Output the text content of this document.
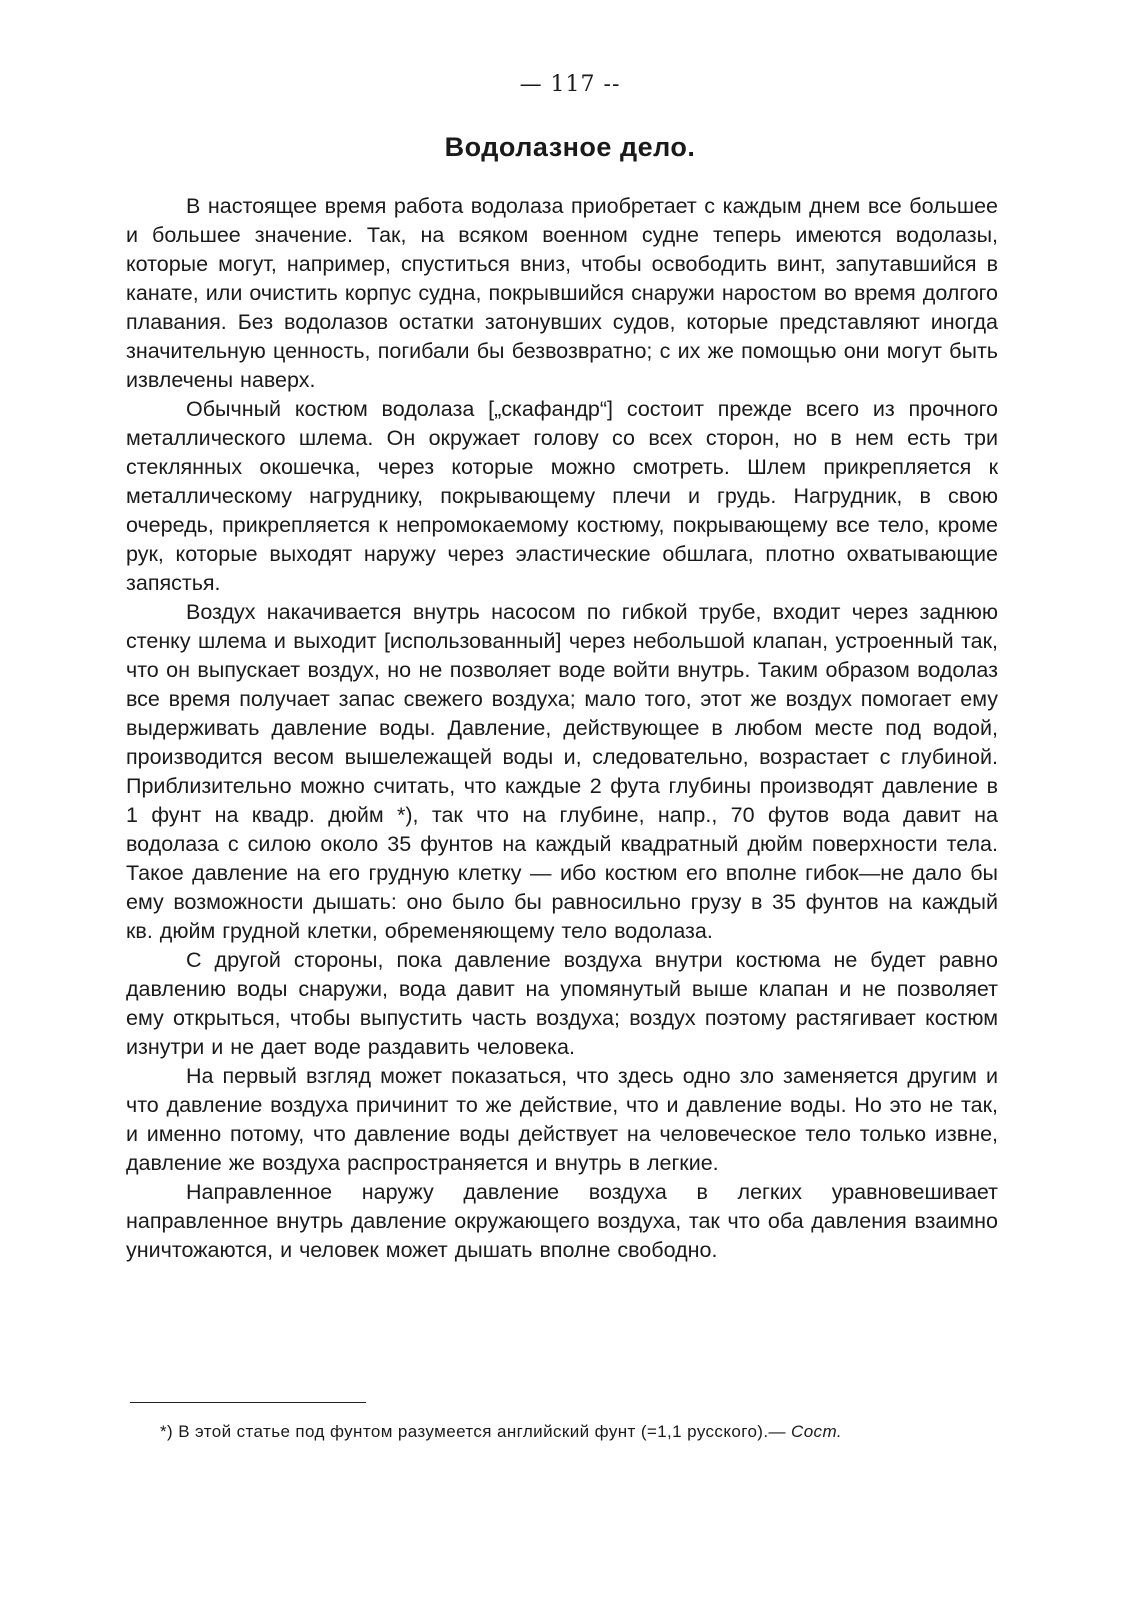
— 117 --
Водолазное дело.

В настоящее время работа водолаза приобретает с каждым днем все большее и большее значение. Так, на всяком военном судне теперь имеются водолазы, которые могут, например, спуститься вниз, чтобы освободить винт, запутавшийся в канате, или очистить корпус судна, покрывшийся снаружи наростом во время долгого плавания. Без водолазов остатки затонувших судов, которые представляют иногда значительную ценность, погибали бы безвозвратно; с их же помощью они могут быть извлечены наверх.

Обычный костюм водолаза [„скафандр“] состоит прежде всего из прочного металлического шлема. Он окружает голову со всех сторон, но в нем есть три стеклянных окошечка, через которые можно смотреть. Шлем прикрепляется к металлическому нагруднику, покрывающему плечи и грудь. Нагрудник, в свою очередь, прикрепляется к непромокаемому костюму, покрывающему все тело, кроме рук, которые выходят наружу через эластические обшлага, плотно охватывающие запястья.

Воздух накачивается внутрь насосом по гибкой трубе, входит через заднюю стенку шлема и выходит [использованный] через небольшой клапан, устроенный так, что он выпускает воздух, но не позволяет воде войти внутрь. Таким образом водолаз все время получает запас свежего воздуха; мало того, этот же воздух помогает ему выдерживать давление воды. Давление, действующее в любом месте под водой, производится весом вышележащей воды и, следовательно, возрастает с глубиной. Приблизительно можно считать, что каждые 2 фута глубины производят давление в 1 фунт на квадр. дюйм *), так что на глубине, напр., 70 футов вода давит на водолаза с силою около 35 фунтов на каждый квадратный дюйм поверхности тела. Такое давление на его грудную клетку — ибо костюм его вполне гибок—не дало бы ему возможности дышать: оно было бы равносильно грузу в 35 фунтов на каждый кв. дюйм грудной клетки, обременяющему тело водолаза.

С другой стороны, пока давление воздуха внутри костюма не будет равно давлению воды снаружи, вода давит на упомянутый выше клапан и не позволяет ему открыться, чтобы выпустить часть воздуха; воздух поэтому растягивает костюм изнутри и не дает воде раздавить человека.

На первый взгляд может показаться, что здесь одно зло заменяется другим и что давление воздуха причинит то же действие, что и давление воды. Но это не так, и именно потому, что давление воды действует на человеческое тело только извне, давление же воздуха распространяется и внутрь в легкие.

Направленное наружу давление воздуха в легких уравновешивает направленное внутрь давление окружающего воздуха, так что оба давления взаимно уничтожаются, и человек может дышать вполне свободно.

*) В этой статье под фунтом разумеется английский фунт (=1,1 русского).— Сост.
